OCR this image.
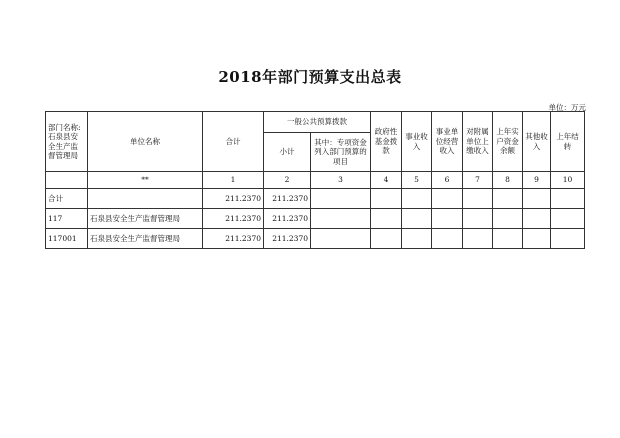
2018年部门预算支出总表
单位：万元
部门名称:石泉县安全生产监督管理局	单位名称	合计	一般公共预算拨款		政府性基金拨款	事业收入	事业单位经营收入	对附属单位上缴收入	上年实户资金余额	其他收入	上年结转
			小计	其中：专项资金列入部门预算的项目							
	**	1	2	3	4	5	6	7	8	9	10
合计		211.2370	211.2370								
117	石泉县安全生产监督管理局	211.2370	211.2370								
117001	石泉县安全生产监督管理局	211.2370	211.2370								
